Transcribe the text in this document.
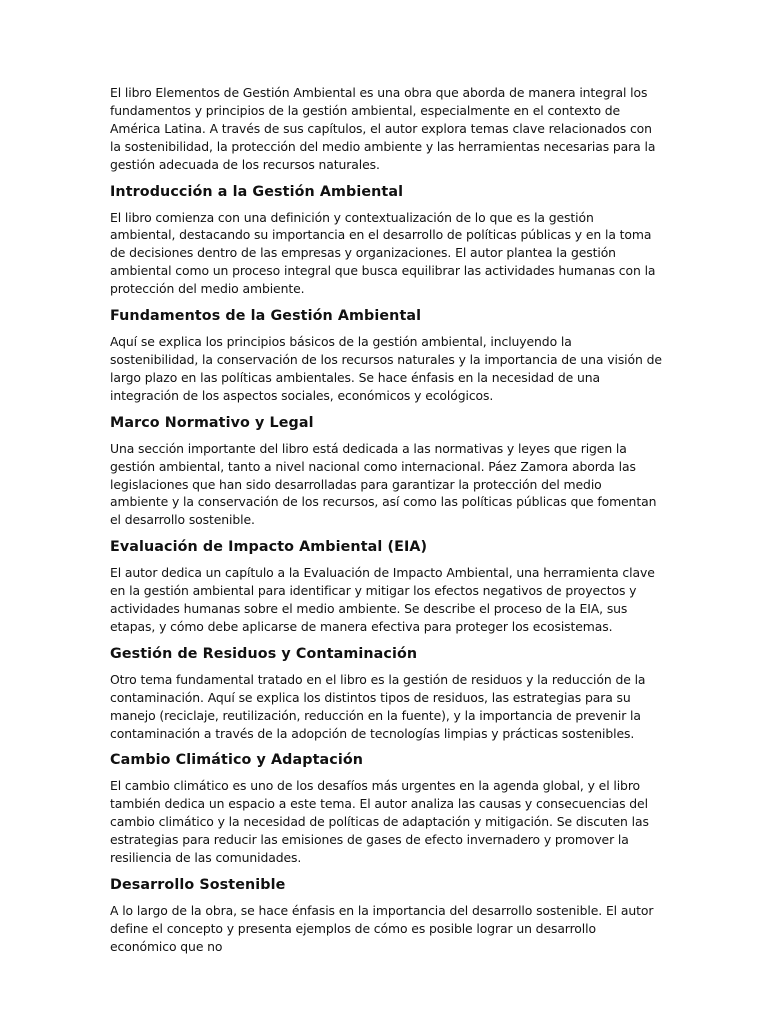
El libro Elementos de Gestión Ambiental es una obra que aborda de manera integral los fundamentos y principios de la gestión ambiental, especialmente en el contexto de América Latina. A través de sus capítulos, el autor explora temas clave relacionados con la sostenibilidad, la protección del medio ambiente y las herramientas necesarias para la gestión adecuada de los recursos naturales.

Introducción a la Gestión Ambiental

El libro comienza con una definición y contextualización de lo que es la gestión ambiental, destacando su importancia en el desarrollo de políticas públicas y en la toma de decisiones dentro de las empresas y organizaciones. El autor plantea la gestión ambiental como un proceso integral que busca equilibrar las actividades humanas con la protección del medio ambiente.

Fundamentos de la Gestión Ambiental

Aquí se explica los principios básicos de la gestión ambiental, incluyendo la sostenibilidad, la conservación de los recursos naturales y la importancia de una visión de largo plazo en las políticas ambientales. Se hace énfasis en la necesidad de una integración de los aspectos sociales, económicos y ecológicos.

Marco Normativo y Legal

Una sección importante del libro está dedicada a las normativas y leyes que rigen la gestión ambiental, tanto a nivel nacional como internacional. Páez Zamora aborda las legislaciones que han sido desarrolladas para garantizar la protección del medio ambiente y la conservación de los recursos, así como las políticas públicas que fomentan el desarrollo sostenible.

Evaluación de Impacto Ambiental (EIA)

El autor dedica un capítulo a la Evaluación de Impacto Ambiental, una herramienta clave en la gestión ambiental para identificar y mitigar los efectos negativos de proyectos y actividades humanas sobre el medio ambiente. Se describe el proceso de la EIA, sus etapas, y cómo debe aplicarse de manera efectiva para proteger los ecosistemas.

Gestión de Residuos y Contaminación

Otro tema fundamental tratado en el libro es la gestión de residuos y la reducción de la contaminación. Aquí se explica los distintos tipos de residuos, las estrategias para su manejo (reciclaje, reutilización, reducción en la fuente), y la importancia de prevenir la contaminación a través de la adopción de tecnologías limpias y prácticas sostenibles.

Cambio Climático y Adaptación

El cambio climático es uno de los desafíos más urgentes en la agenda global, y el libro también dedica un espacio a este tema. El autor analiza las causas y consecuencias del cambio climático y la necesidad de políticas de adaptación y mitigación. Se discuten las estrategias para reducir las emisiones de gases de efecto invernadero y promover la resiliencia de las comunidades.

Desarrollo Sostenible

A lo largo de la obra, se hace énfasis en la importancia del desarrollo sostenible. El autor define el concepto y presenta ejemplos de cómo es posible lograr un desarrollo económico que no
